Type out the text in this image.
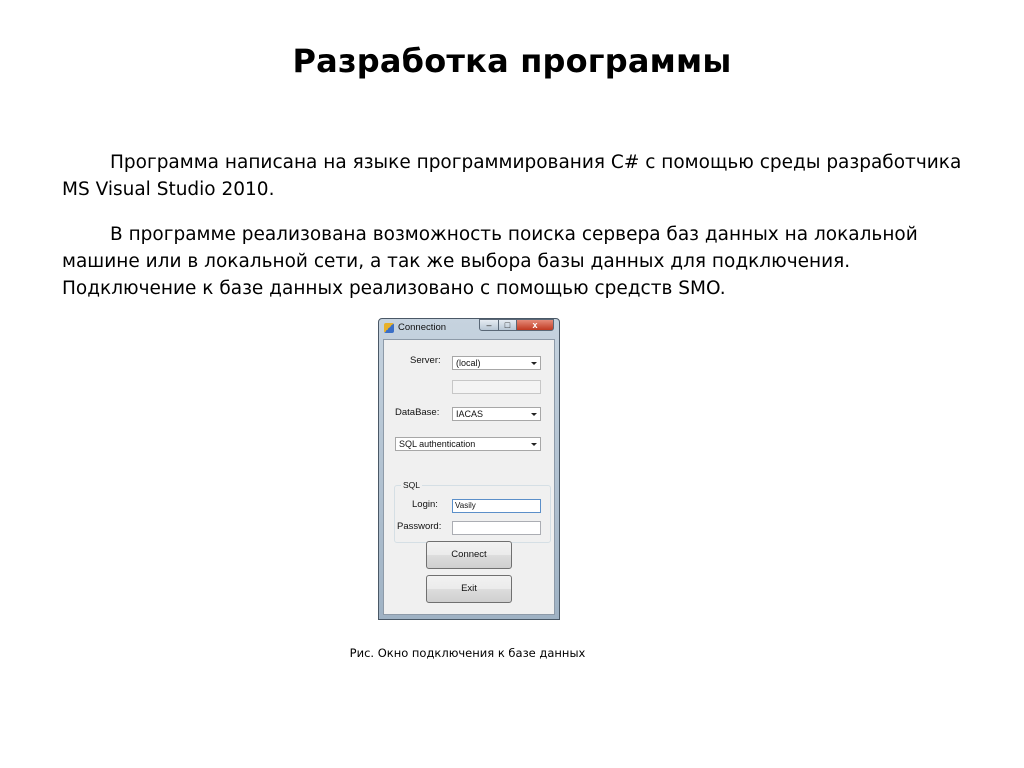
Разработка программы

Программа написана на языке программирования C# с помощью среды разработчика MS Visual Studio 2010.

В программе реализована возможность поиска сервера баз данных на локальной машине или в локальной сети, а так же выбора базы данных для подключения. Подключение к базе данных реализовано с помощью средств SMO.

Connection	–	□	x
Server:	(local)
DataBase:	IACAS
SQL authentication
SQL
Login:	Vasily
Password:
Connect
Exit
Рис. Окно подключения к базе данных
